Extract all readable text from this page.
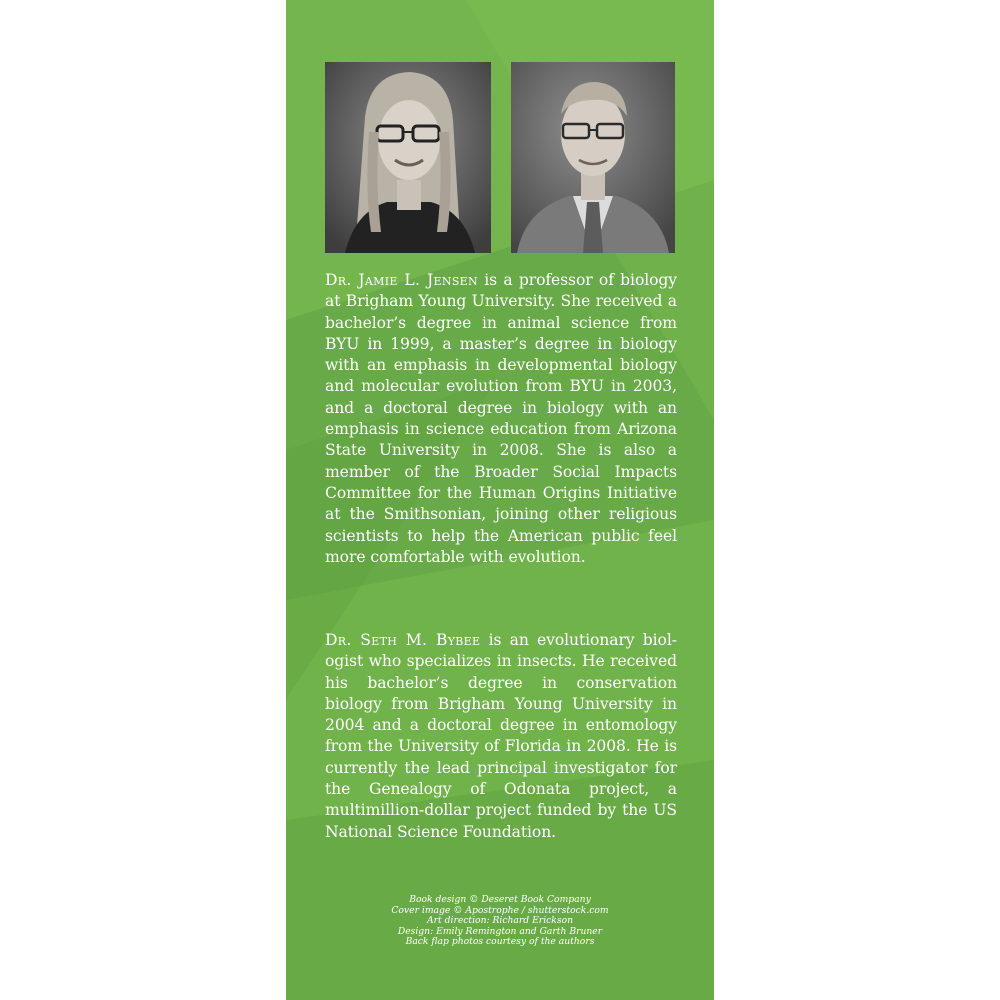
Dr. Jamie L. Jensen is a professor of biology at Brigham Young University. She received a bachelor’s degree in animal science from BYU in 1999, a master’s degree in biology with an emphasis in developmental biology and molecular evolution from BYU in 2003, and a doctoral degree in biology with an emphasis in science education from Arizona State University in 2008. She is also a member of the Broader Social Impacts Committee for the Human Origins Initiative at the Smithsonian, joining other religious scientists to help the American public feel more comfortable with evolution.

Dr. Seth M. Bybee is an evolutionary biologist who specializes in insects. He received his bachelor’s degree in conservation biology from Brigham Young University in 2004 and a doctoral degree in entomology from the University of Florida in 2008. He is currently the lead principal investigator for the Genealogy of Odonata project, a multimillion-dollar project funded by the US National Science Foundation.

Book design © Deseret Book Company
Cover image © Apostrophe / shutterstock.com
Art direction: Richard Erickson
Design: Emily Remington and Garth Bruner
Back flap photos courtesy of the authors
